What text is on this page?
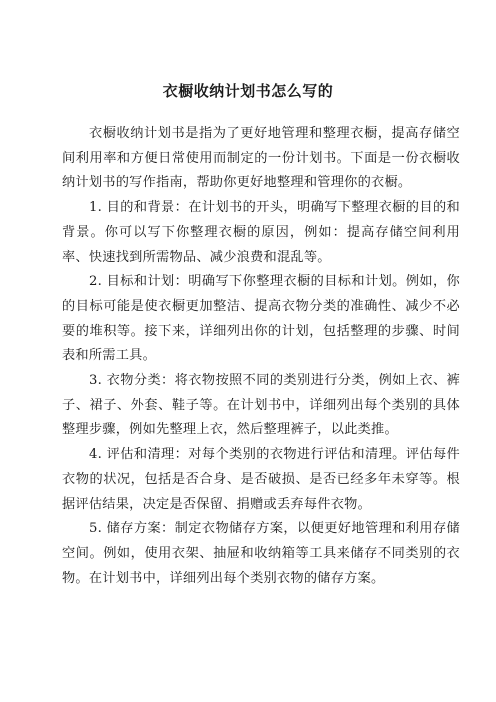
衣橱收纳计划书怎么写的

衣橱收纳计划书是指为了更好地管理和整理衣橱，提高存储空间利用率和方便日常使用而制定的一份计划书。下面是一份衣橱收纳计划书的写作指南，帮助你更好地整理和管理你的衣橱。

1. 目的和背景：在计划书的开头，明确写下整理衣橱的目的和背景。你可以写下你整理衣橱的原因，例如：提高存储空间利用率、快速找到所需物品、减少浪费和混乱等。

2. 目标和计划：明确写下你整理衣橱的目标和计划。例如，你的目标可能是使衣橱更加整洁、提高衣物分类的准确性、减少不必要的堆积等。接下来，详细列出你的计划，包括整理的步骤、时间表和所需工具。

3. 衣物分类：将衣物按照不同的类别进行分类，例如上衣、裤子、裙子、外套、鞋子等。在计划书中，详细列出每个类别的具体整理步骤，例如先整理上衣，然后整理裤子，以此类推。

4. 评估和清理：对每个类别的衣物进行评估和清理。评估每件衣物的状况，包括是否合身、是否破损、是否已经多年未穿等。根据评估结果，决定是否保留、捐赠或丢弃每件衣物。

5. 储存方案：制定衣物储存方案，以便更好地管理和利用存储空间。例如，使用衣架、抽屉和收纳箱等工具来储存不同类别的衣物。在计划书中，详细列出每个类别衣物的储存方案。
